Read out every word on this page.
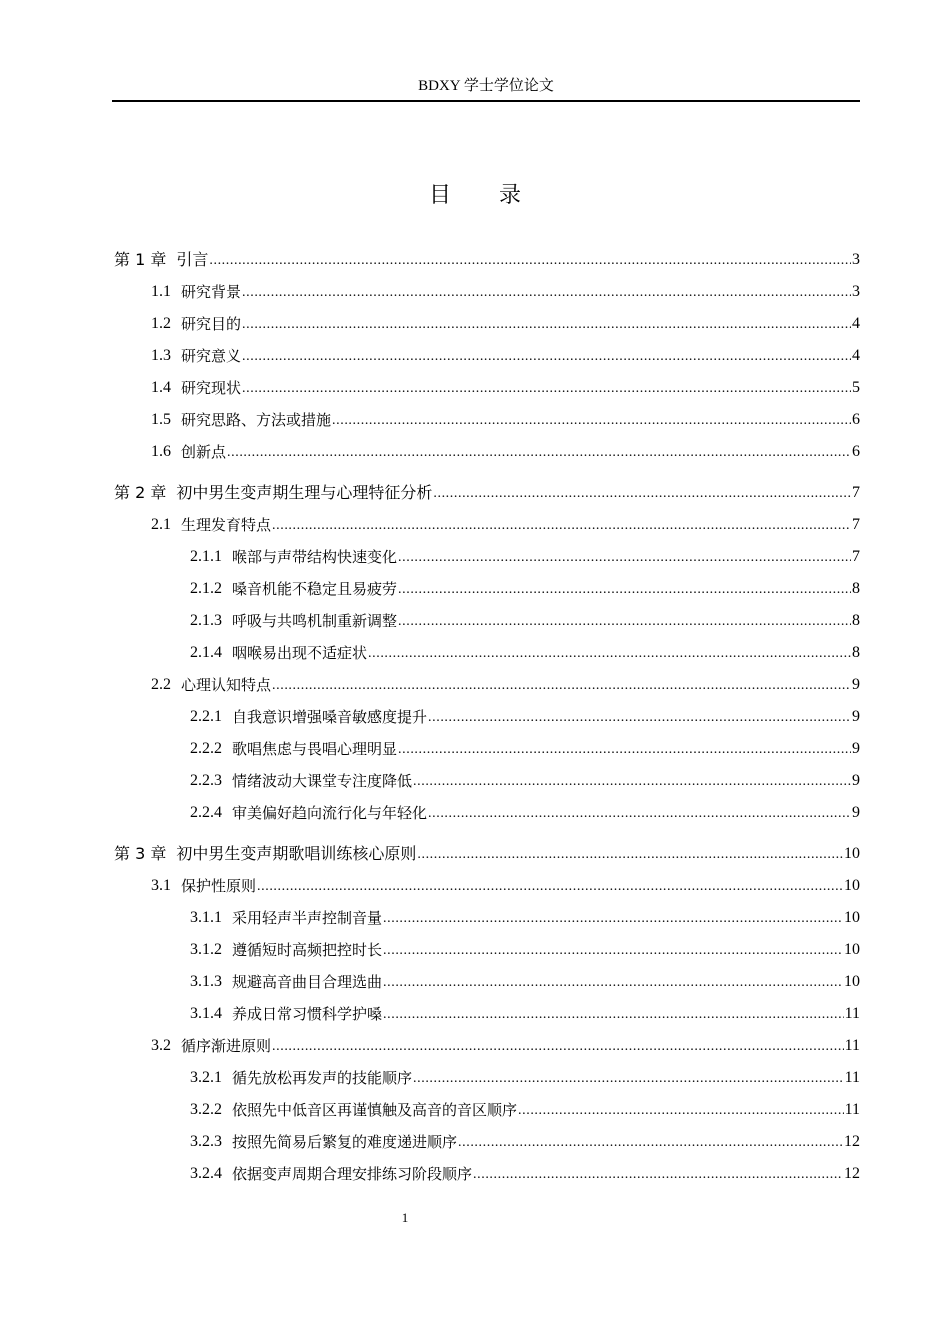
BDXY 学士学位论文
目 录
第 1 章 引言 .....	3
1.1 研究背景 .....	3
1.2 研究目的 .....	4
1.3 研究意义 .....	4
1.4 研究现状 .....	5
1.5 研究思路、方法或措施 .....	6
1.6 创新点 .....	6
第 2 章 初中男生变声期生理与心理特征分析 .....	7
2.1 生理发育特点 .....	7
2.1.1 喉部与声带结构快速变化 .....	7
2.1.2 嗓音机能不稳定且易疲劳 .....	8
2.1.3 呼吸与共鸣机制重新调整 .....	8
2.1.4 咽喉易出现不适症状 .....	8
2.2 心理认知特点 .....	9
2.2.1 自我意识增强嗓音敏感度提升 .....	9
2.2.2 歌唱焦虑与畏唱心理明显 .....	9
2.2.3 情绪波动大课堂专注度降低 .....	9
2.2.4 审美偏好趋向流行化与年轻化 .....	9
第 3 章 初中男生变声期歌唱训练核心原则 .....	10
3.1 保护性原则 .....	10
3.1.1 采用轻声半声控制音量 .....	10
3.1.2 遵循短时高频把控时长 .....	10
3.1.3 规避高音曲目合理选曲 .....	10
3.1.4 养成日常习惯科学护嗓 .....	11
3.2 循序渐进原则 .....	11
3.2.1 循先放松再发声的技能顺序 .....	11
3.2.2 依照先中低音区再谨慎触及高音的音区顺序 .....	11
3.2.3 按照先简易后繁复的难度递进顺序 .....	12
3.2.4 依据变声周期合理安排练习阶段顺序 .....	12
1
